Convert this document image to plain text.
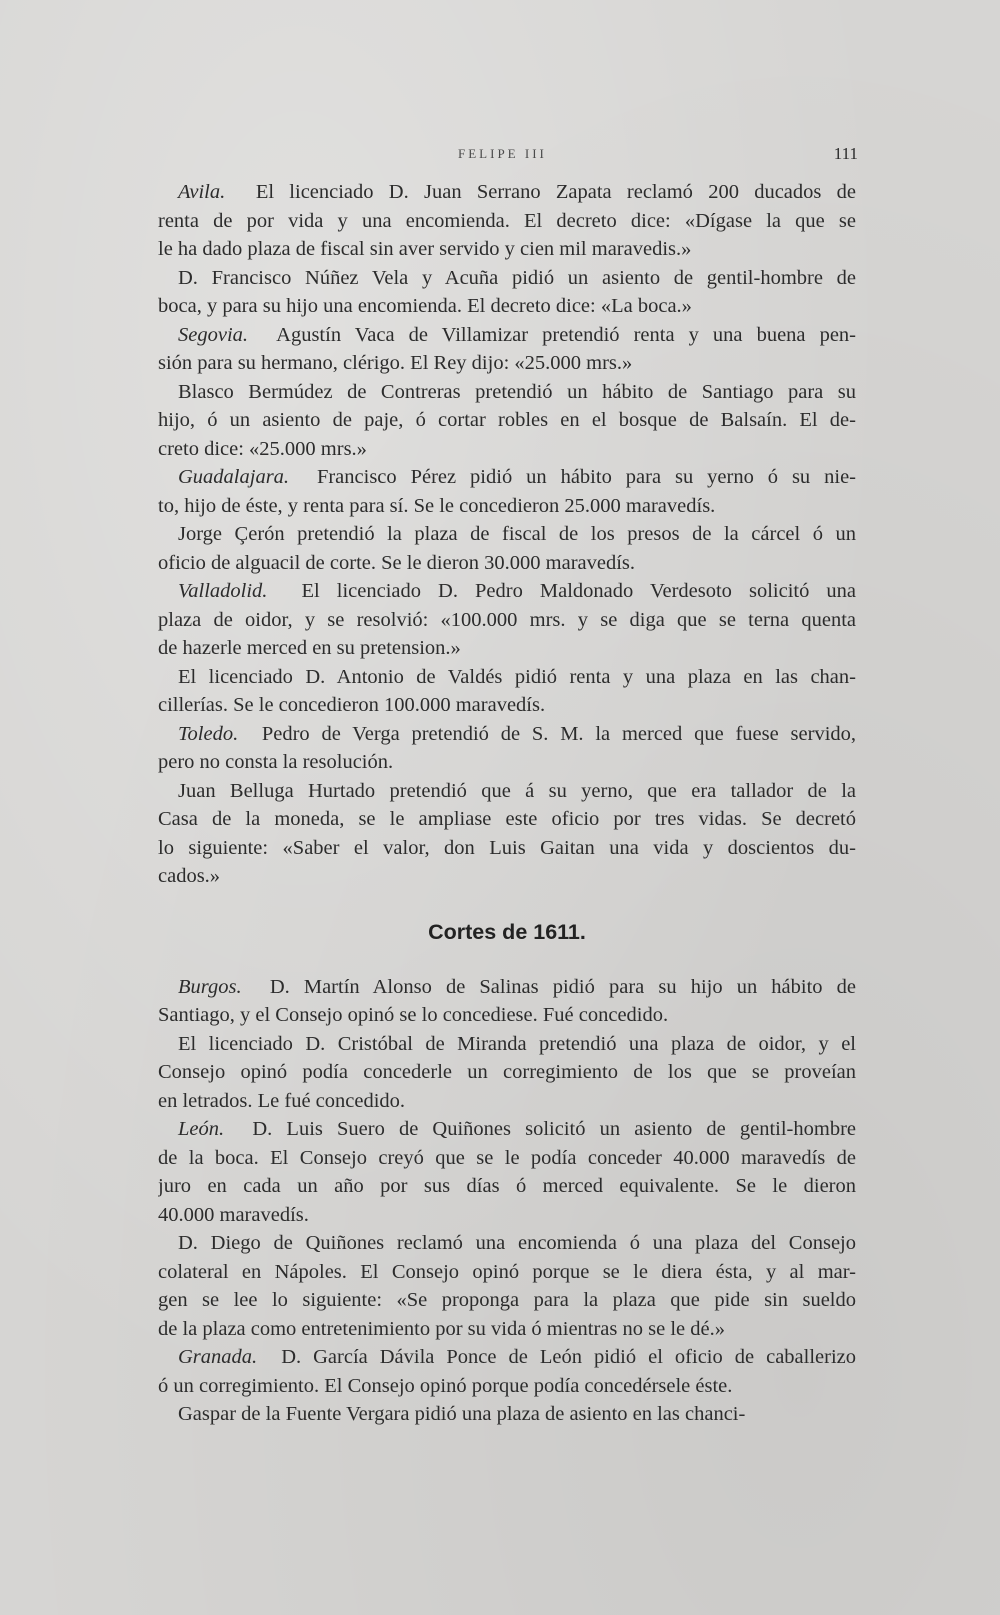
FELIPE III	111
Avila. El licenciado D. Juan Serrano Zapata reclamó 200 ducados de
renta de por vida y una encomienda. El decreto dice: «Dígase la que se
le ha dado plaza de fiscal sin aver servido y cien mil maravedis.»
D. Francisco Núñez Vela y Acuña pidió un asiento de gentil-hombre de
boca, y para su hijo una encomienda. El decreto dice: «La boca.»
Segovia. Agustín Vaca de Villamizar pretendió renta y una buena pen-
sión para su hermano, clérigo. El Rey dijo: «25.000 mrs.»
Blasco Bermúdez de Contreras pretendió un hábito de Santiago para su
hijo, ó un asiento de paje, ó cortar robles en el bosque de Balsaín. El de-
creto dice: «25.000 mrs.»
Guadalajara. Francisco Pérez pidió un hábito para su yerno ó su nie-
to, hijo de éste, y renta para sí. Se le concedieron 25.000 maravedís.
Jorge Çerón pretendió la plaza de fiscal de los presos de la cárcel ó un
oficio de alguacil de corte. Se le dieron 30.000 maravedís.
Valladolid. El licenciado D. Pedro Maldonado Verdesoto solicitó una
plaza de oidor, y se resolvió: «100.000 mrs. y se diga que se terna quenta
de hazerle merced en su pretension.»
El licenciado D. Antonio de Valdés pidió renta y una plaza en las chan-
cillerías. Se le concedieron 100.000 maravedís.
Toledo. Pedro de Verga pretendió de S. M. la merced que fuese servido,
pero no consta la resolución.
Juan Belluga Hurtado pretendió que á su yerno, que era tallador de la
Casa de la moneda, se le ampliase este oficio por tres vidas. Se decretó
lo siguiente: «Saber el valor, don Luis Gaitan una vida y doscientos du-
cados.»
Cortes de 1611.
Burgos. D. Martín Alonso de Salinas pidió para su hijo un hábito de
Santiago, y el Consejo opinó se lo concediese. Fué concedido.
El licenciado D. Cristóbal de Miranda pretendió una plaza de oidor, y el
Consejo opinó podía concederle un corregimiento de los que se proveían
en letrados. Le fué concedido.
León. D. Luis Suero de Quiñones solicitó un asiento de gentil-hombre
de la boca. El Consejo creyó que se le podía conceder 40.000 maravedís de
juro en cada un año por sus días ó merced equivalente. Se le dieron
40.000 maravedís.
D. Diego de Quiñones reclamó una encomienda ó una plaza del Consejo
colateral en Nápoles. El Consejo opinó porque se le diera ésta, y al mar-
gen se lee lo siguiente: «Se proponga para la plaza que pide sin sueldo
de la plaza como entretenimiento por su vida ó mientras no se le dé.»
Granada. D. García Dávila Ponce de León pidió el oficio de caballerizo
ó un corregimiento. El Consejo opinó porque podía concedérsele éste.
Gaspar de la Fuente Vergara pidió una plaza de asiento en las chanci-
